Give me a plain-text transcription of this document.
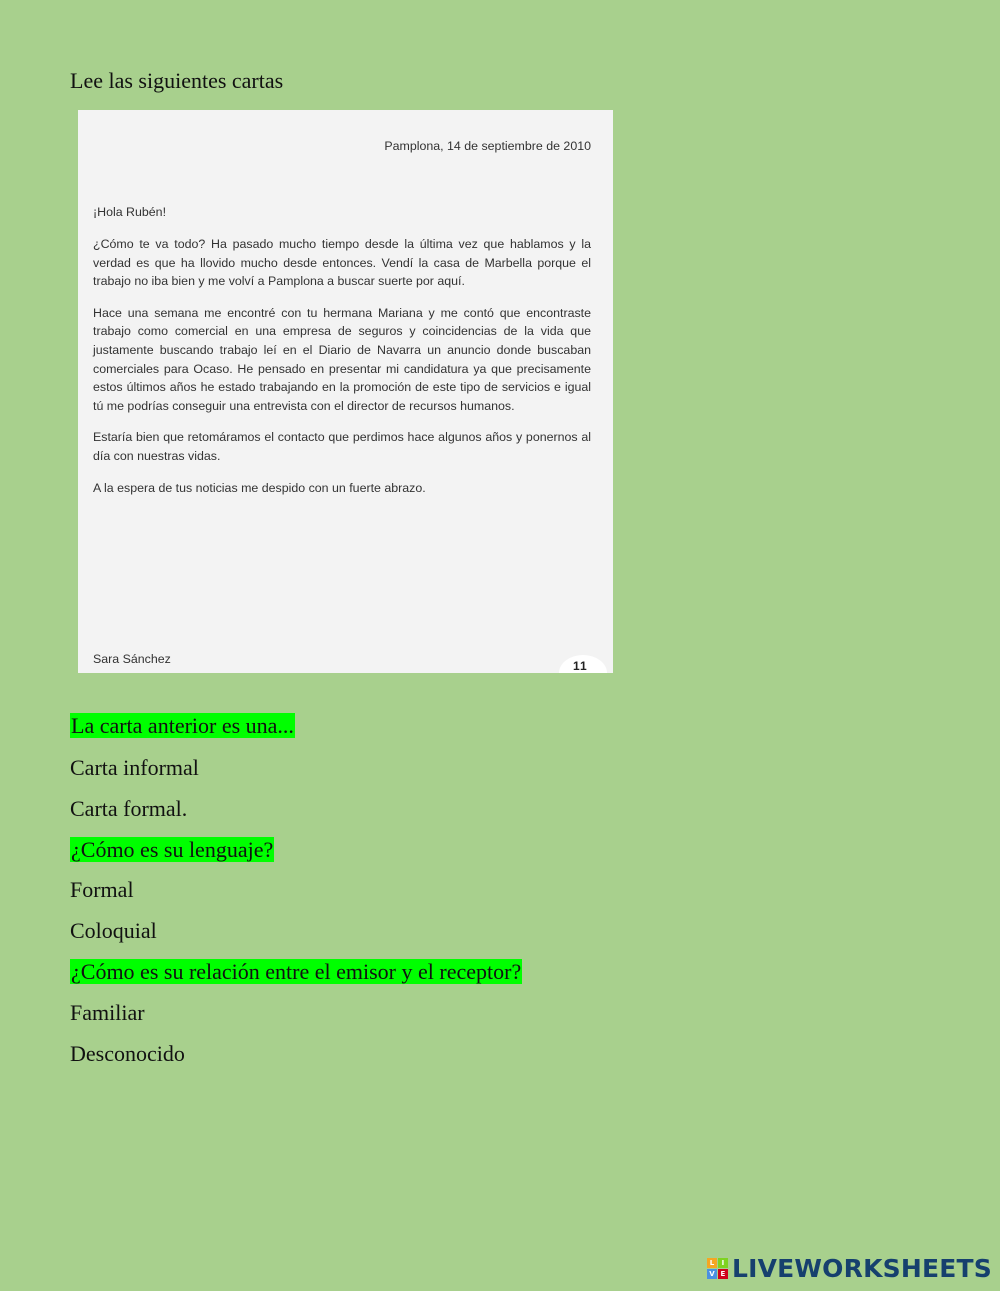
Lee las siguientes cartas
Pamplona, 14 de septiembre de 2010
¡Hola Rubén!

¿Cómo te va todo? Ha pasado mucho tiempo desde la última vez que hablamos y la verdad es que ha llovido mucho desde entonces. Vendí la casa de Marbella porque el trabajo no iba bien y me volví a Pamplona a buscar suerte por aquí.

Hace una semana me encontré con tu hermana Mariana y me contó que encontraste trabajo como comercial en una empresa de seguros y coincidencias de la vida que justamente buscando trabajo leí en el Diario de Navarra un anuncio donde buscaban comerciales para Ocaso. He pensado en presentar mi candidatura ya que precisamente estos últimos años he estado trabajando en la promoción de este tipo de servicios e igual tú me podrías conseguir una entrevista con el director de recursos humanos.

Estaría bien que retomáramos el contacto que perdimos hace algunos años y ponernos al día con nuestras vidas.

A la espera de tus noticias me despido con un fuerte abrazo.

Sara Sánchez	11
La carta anterior es una...
Carta informal
Carta formal.
¿Cómo es su lenguaje?
Formal
Coloquial
¿Cómo es su relación entre el emisor y el receptor?
Familiar
Desconocido
L	I
V E LIVEWORKSHEETS
